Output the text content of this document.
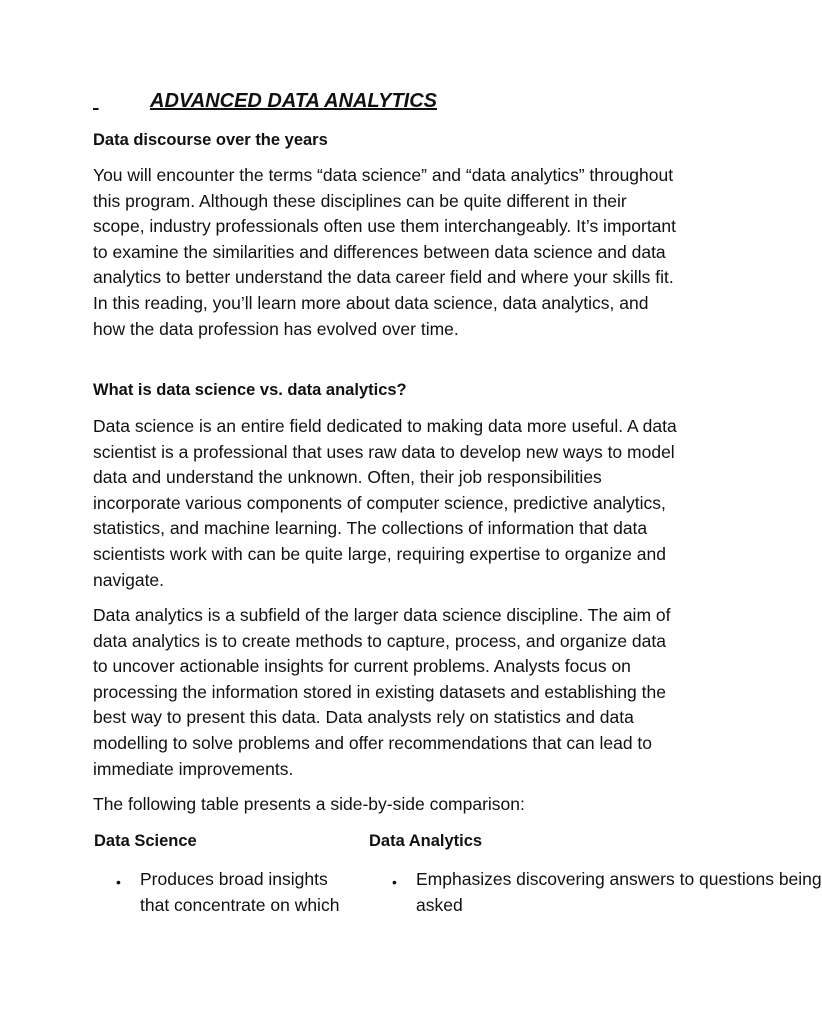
ADVANCED DATA ANALYTICS
Data discourse over the years

You will encounter the terms “data science” and “data analytics” throughout this program. Although these disciplines can be quite different in their scope, industry professionals often use them interchangeably. It’s important to examine the similarities and differences between data science and data analytics to better understand the data career field and where your skills fit. In this reading, you’ll learn more about data science, data analytics, and how the data profession has evolved over time.

What is data science vs. data analytics?

Data science is an entire field dedicated to making data more useful. A data scientist is a professional that uses raw data to develop new ways to model data and understand the unknown. Often, their job responsibilities incorporate various components of computer science, predictive analytics, statistics, and machine learning. The collections of information that data scientists work with can be quite large, requiring expertise to organize and navigate.

Data analytics is a subfield of the larger data science discipline. The aim of data analytics is to create methods to capture, process, and organize data to uncover actionable insights for current problems. Analysts focus on processing the information stored in existing datasets and establishing the best way to present this data. Data analysts rely on statistics and data modelling to solve problems and offer recommendations that can lead to immediate improvements.

The following table presents a side-by-side comparison:

Data Science	Data Analytics
• Produces broad insights
that concentrate on which
• Emphasizes discovering answers to questions being
asked
